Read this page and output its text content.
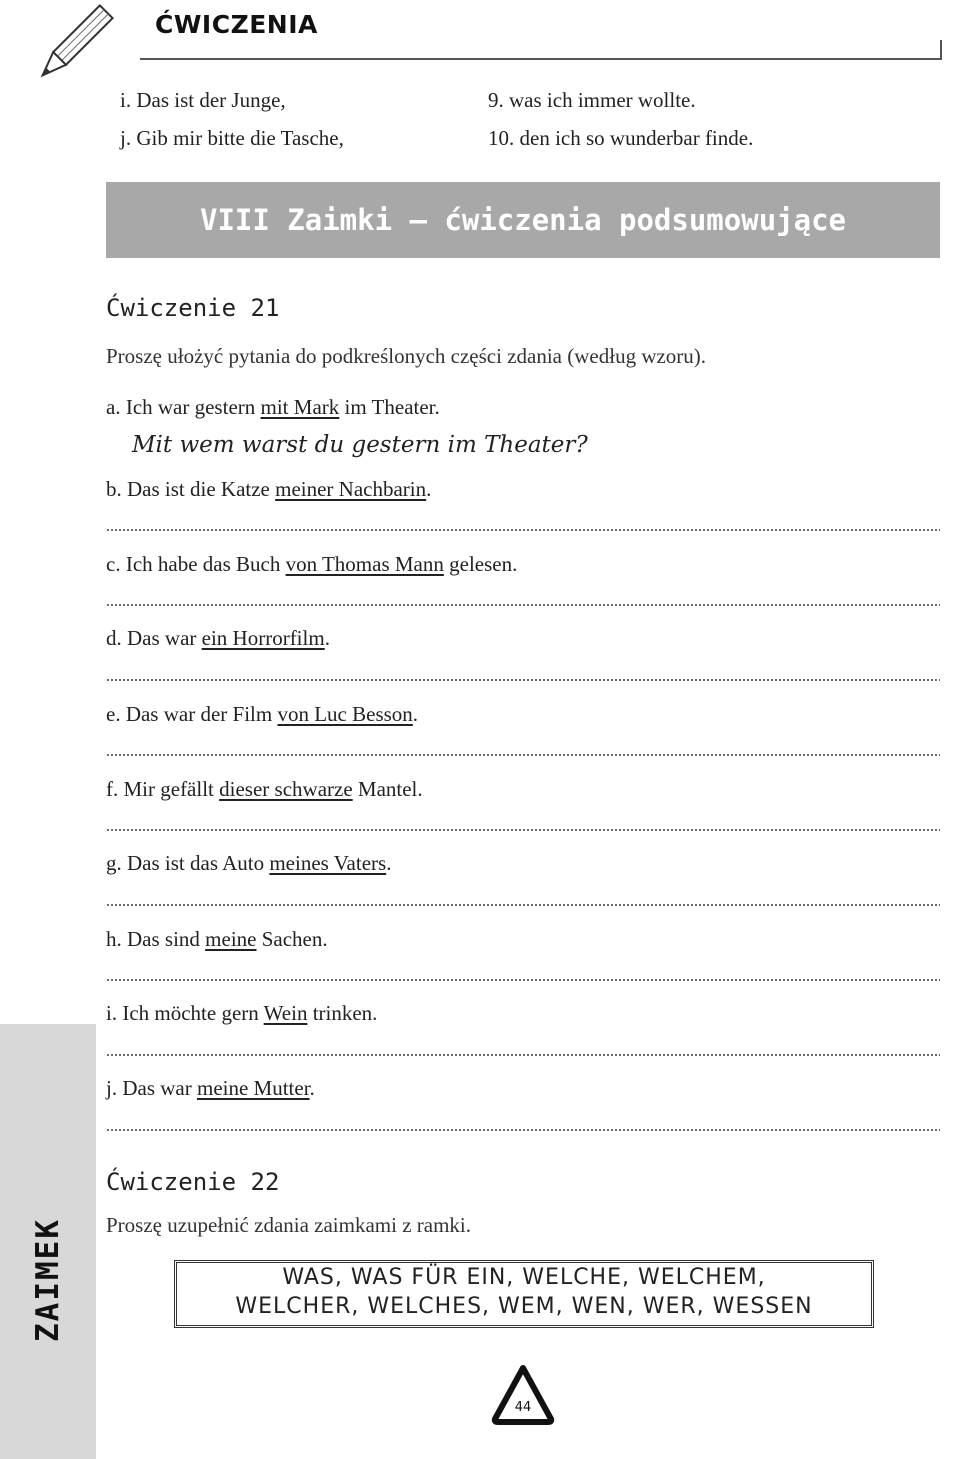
ĆWICZENIA
i. Das ist der Junge,
j. Gib mir bitte die Tasche,
9. was ich immer wollte.
10. den ich so wunderbar finde.
VIII Zaimki – ćwiczenia podsumowujące
Ćwiczenie 21
Proszę ułożyć pytania do podkreślonych części zdania (według wzoru).
a. Ich war gestern mit Mark im Theater.
Mit wem warst du gestern im Theater?
b. Das ist die Katze meiner Nachbarin.
c. Ich habe das Buch von Thomas Mann gelesen.
d. Das war ein Horrorfilm.
e. Das war der Film von Luc Besson.
f. Mir gefällt dieser schwarze Mantel.
g. Das ist das Auto meines Vaters.
h. Das sind meine Sachen.
i. Ich möchte gern Wein trinken.
j. Das war meine Mutter.
Ćwiczenie 22
Proszę uzupełnić zdania zaimkami z ramki.
WAS, WAS FÜR EIN, WELCHE, WELCHEM,
WELCHER, WELCHES, WEM, WEN, WER, WESSEN
ZAIMEK
44
